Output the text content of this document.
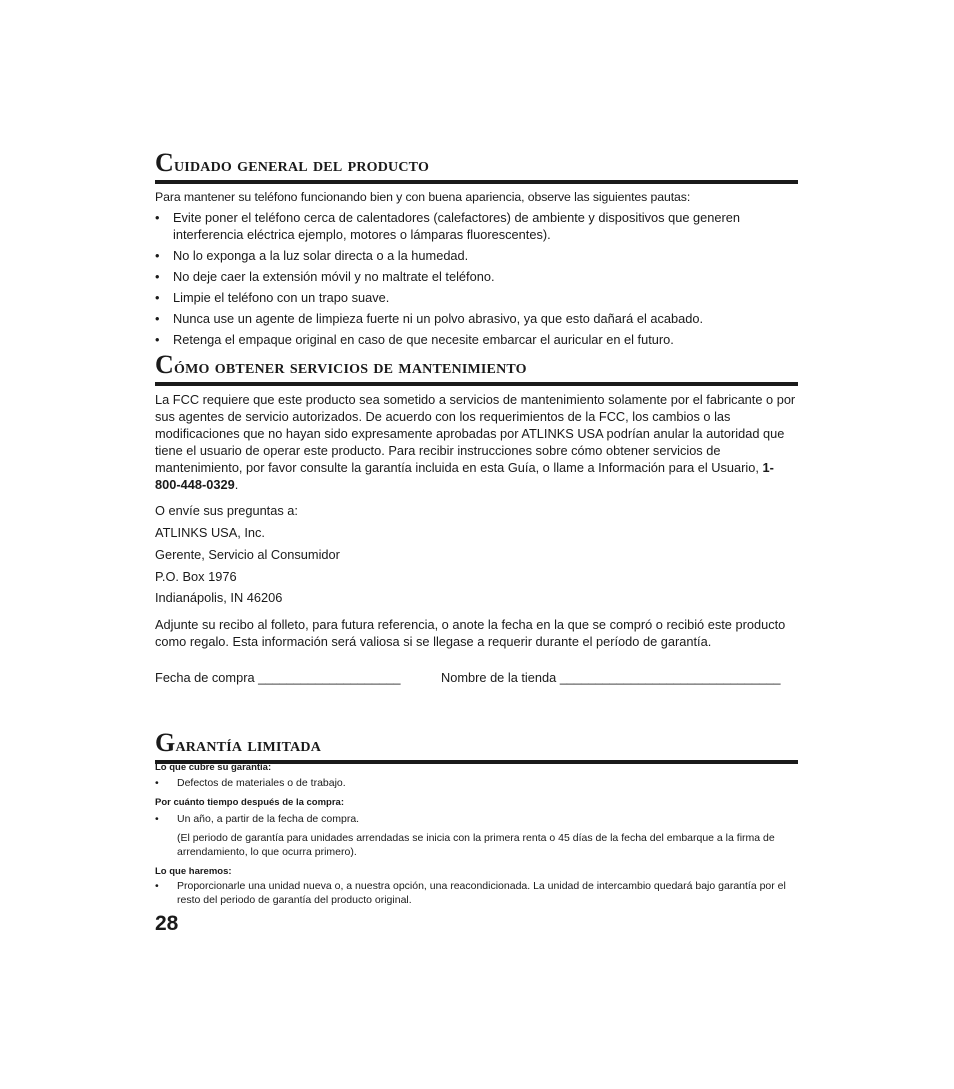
Cuidado general del producto

Para mantener su teléfono funcionando bien y con buena apariencia, observe las siguientes pautas:

• Evite poner el teléfono cerca de calentadores (calefactores) de ambiente y dispositivos que generen interferencia eléctrica ejemplo, motores o lámparas fluorescentes).
• No lo exponga a la luz solar directa o a la humedad.
• No deje caer la extensión móvil y no maltrate el teléfono.
• Limpie el teléfono con un trapo suave.
• Nunca use un agente de limpieza fuerte ni un polvo abrasivo, ya que esto dañará el acabado.
• Retenga el empaque original en caso de que necesite embarcar el auricular en el futuro.
Cómo obtener servicios de mantenimiento

La FCC requiere que este producto sea sometido a servicios de mantenimiento solamente por el fabricante o por sus agentes de servicio autorizados. De acuerdo con los requerimientos de la FCC, los cambios o las modificaciones que no hayan sido expresamente aprobadas por ATLINKS USA podrían anular la autoridad que tiene el usuario de operar este producto. Para recibir instrucciones sobre cómo obtener servicios de mantenimiento, por favor consulte la garantía incluida en esta Guía, o llame a Información para el Usuario, 1-800-448-0329.

O envíe sus preguntas a:

ATLINKS USA, Inc.

Gerente, Servicio al Consumidor

P.O. Box 1976

Indianápolis, IN 46206

Adjunte su recibo al folleto, para futura referencia, o anote la fecha en la que se compró o recibió este producto como regalo. Esta información será valiosa si se llegase a requerir durante el período de garantía.

Fecha de compra ____________________	Nombre de la tienda _______________________________
Garantía limitada

Lo que cubre su garantía:

• Defectos de materiales o de trabajo.

Por cuánto tiempo después de la compra:

• Un año, a partir de la fecha de compra.

(El periodo de garantía para unidades arrendadas se inicia con la primera renta o 45 días de la fecha del embarque a la firma de arrendamiento, lo que ocurra primero).

Lo que haremos:

• Proporcionarle una unidad nueva o, a nuestra opción, una reacondicionada. La unidad de intercambio quedará bajo garantía por el resto del periodo de garantía del producto original.

28
